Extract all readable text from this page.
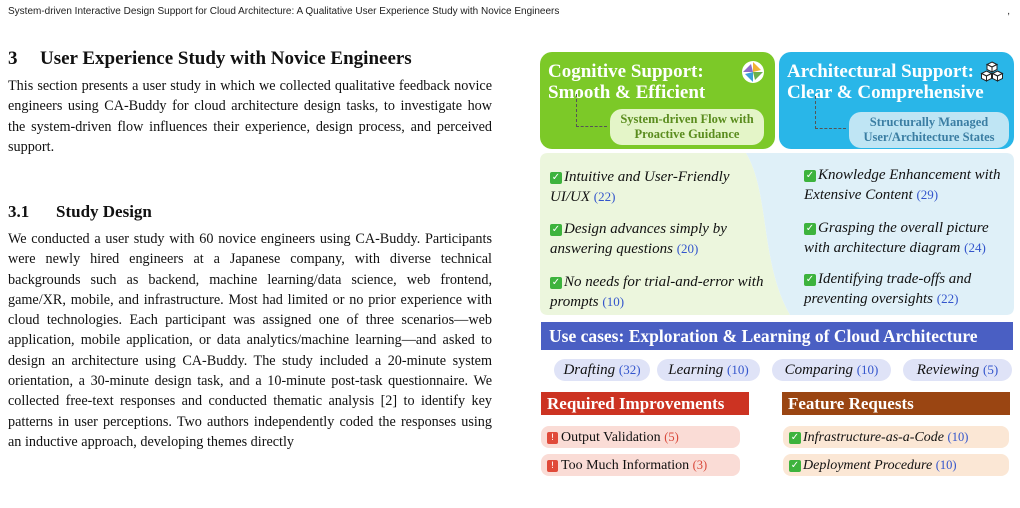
System-driven Interactive Design Support for Cloud Architecture: A Qualitative User Experience Study with Novice Engineers	,
3 User Experience Study with Novice Engineers

This section presents a user study in which we collected qualitative feedback novice engineers using CA-Buddy for cloud architecture design tasks, to investigate how the system-driven flow influences their experience, design process, and perceived support.

3.1 Study Design

We conducted a user study with 60 novice engineers using CA-Buddy. Participants were newly hired engineers at a Japanese company, with diverse technical backgrounds such as backend, machine learning/data science, web frontend, game/XR, mobile, and infrastructure. Most had limited or no prior experience with cloud technologies. Each participant was assigned one of three scenarios—web application, mobile application, or data analytics/machine learning—and asked to design an architecture using CA-Buddy. The study included a 20-minute system orientation, a 30-minute design task, and a 10-minute post-task questionnaire. We collected free-text responses and conducted thematic analysis [2] to identify key patterns in user perceptions. Two authors independently coded the responses using an inductive approach, developing themes directly

Cognitive Support:
Smooth & Efficient
System-driven Flow with
Proactive Guidance
Architectural Support:
Clear & Comprehensive
Structurally Managed
User/Architecture States
✓ Intuitive and User-Friendly UI/UX (22)
✓ Design advances simply by answering questions (20)
✓ No needs for trial-and-error with prompts (10)
✓ Knowledge Enhancement with Extensive Content (29)
✓ Grasping the overall picture with architecture diagram (24)
✓ Identifying trade-offs and preventing oversights (22)
Use cases: Exploration & Learning of Cloud Architecture
Drafting (32)	Learning (10)	Comparing (10)	Reviewing (5)
Required Improvements	Feature Requests
! Output Validation (5)
! Too Much Information (3)
✓ Infrastructure-as-a-Code (10)
✓ Deployment Procedure (10)
